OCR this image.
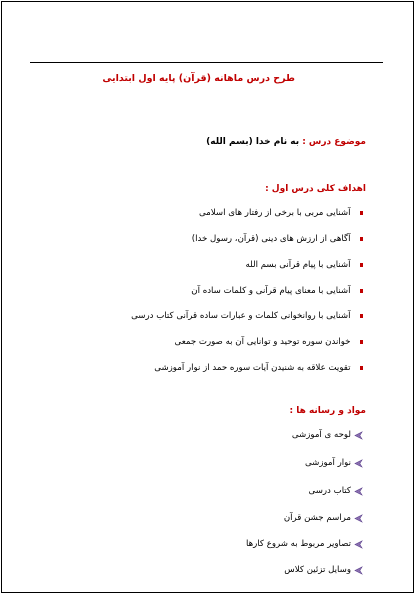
طرح درس ماهانه (قرآن) پایه اول ابتدایی
موضوع درس : به نام خدا (بسم الله)
اهداف کلی درس اول :
آشنایی مربی با برخی از رفتار های اسلامی
آگاهی از ارزش های دینی (قرآن، رسول خدا)
آشنایی با پیام قرآنی بسم الله
آشنایی با معنای پیام قرآنی و کلمات ساده آن
آشنایی با روانخوانی کلمات و عبارات ساده قرآنی کتاب درسی
خواندن سوره توحید و توانایی آن به صورت جمعی
تقویت علاقه به شنیدن آیات سوره حمد از نوار آموزشی
مواد و رسانه ها :
لوحه ی آموزشی
نوار آموزشی
کتاب درسی
مراسم جشن قرآن
تصاویر مربوط به شروع کارها
وسایل تزئین کلاس
